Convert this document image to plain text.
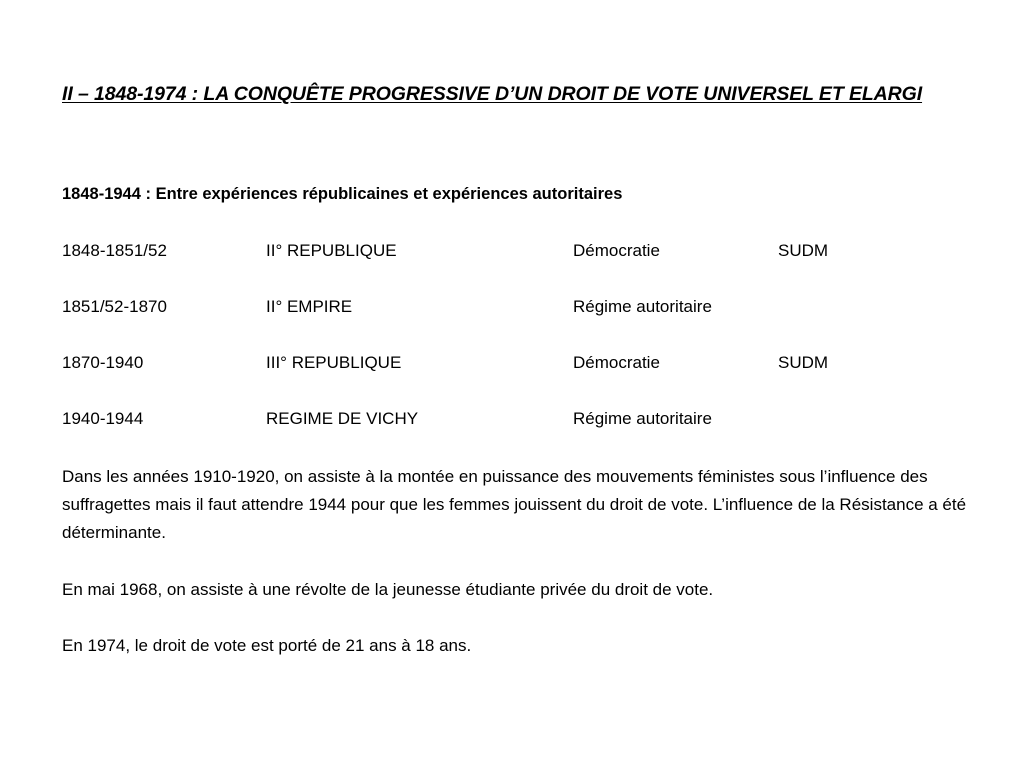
II – 1848-1974 : LA CONQUÊTE PROGRESSIVE D’UN DROIT DE VOTE UNIVERSEL ET ELARGI
1848-1944 : Entre expériences républicaines et expériences autoritaires
1848-1851/52	II° REPUBLIQUE	Démocratie	SUDM
1851/52-1870	II° EMPIRE	Régime autoritaire
1870-1940	III° REPUBLIQUE	Démocratie	SUDM
1940-1944	REGIME DE VICHY	Régime autoritaire

Dans les années 1910-1920, on assiste à la montée en puissance des mouvements féministes sous l’influence des suffragettes mais il faut attendre 1944 pour que les femmes jouissent du droit de vote. L’influence de la Résistance a été déterminante.

En mai 1968, on assiste à une révolte de la jeunesse étudiante privée du droit de vote.

En 1974, le droit de vote est porté de 21 ans à 18 ans.
